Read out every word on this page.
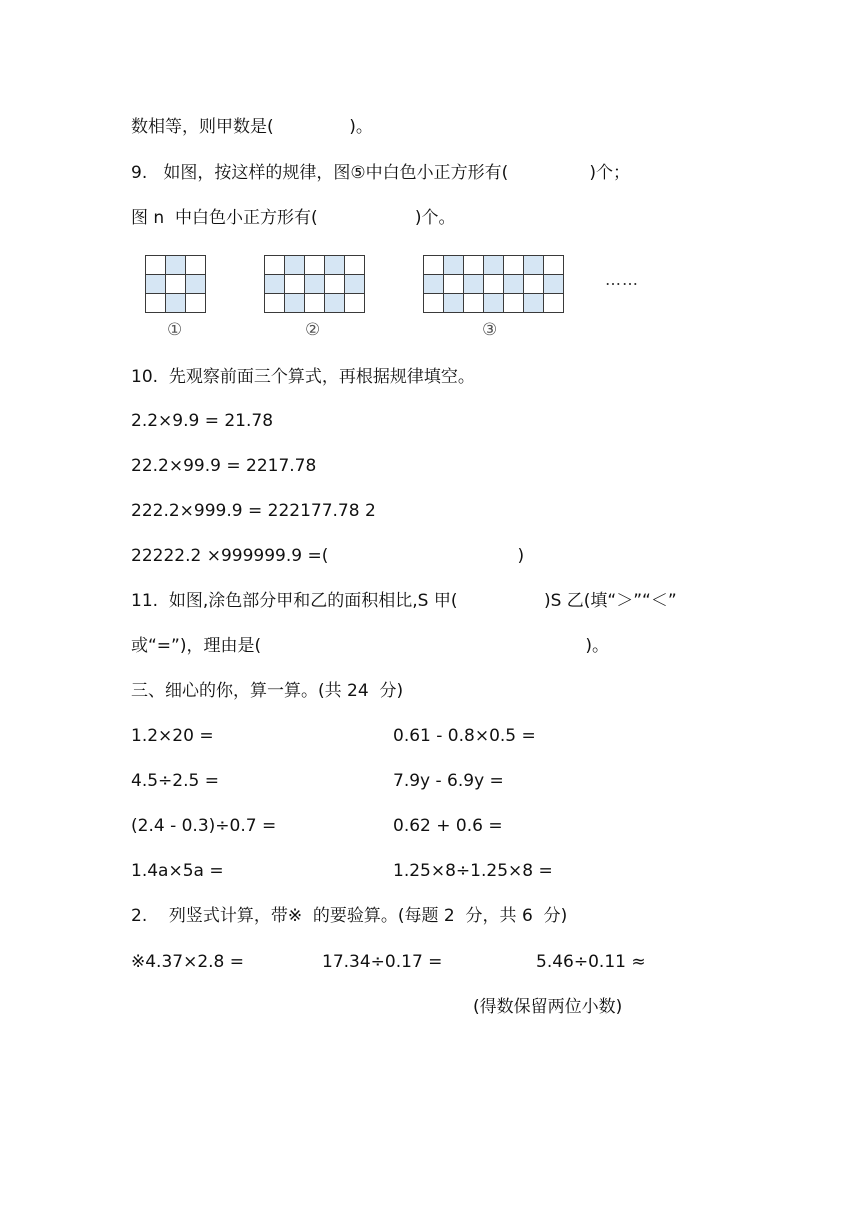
数相等，则甲数是(              )。
9.   如图，按这样的规律，图⑤中白色小正方形有(               )个；
图 n  中白色小正方形有(                  )个。
……
①	②	③
10.  先观察前面三个算式，再根据规律填空。
2.2×9.9 = 21.78
22.2×99.9 = 2217.78
222.2×999.9 = 222177.78 2
22222.2 ×999999.9 =(                                   )
11.  如图,涂色部分甲和乙的面积相比,S 甲(                )S 乙(填“＞”“＜”
或“=”)，理由是(                                                            )。
三、细心的你，算一算。(共 24  分)
1.2×20 =	0.61 - 0.8×0.5 =
4.5÷2.5 =	7.9y - 6.9y =
(2.4 - 0.3)÷0.7 =	0.62 + 0.6 =
1.4a×5a =	1.25×8÷1.25×8 =
2.    列竖式计算，带※  的要验算。(每题 2  分，共 6  分)
※4.37×2.8 =	17.34÷0.17 =	5.46÷0.11 ≈
(得数保留两位小数)
